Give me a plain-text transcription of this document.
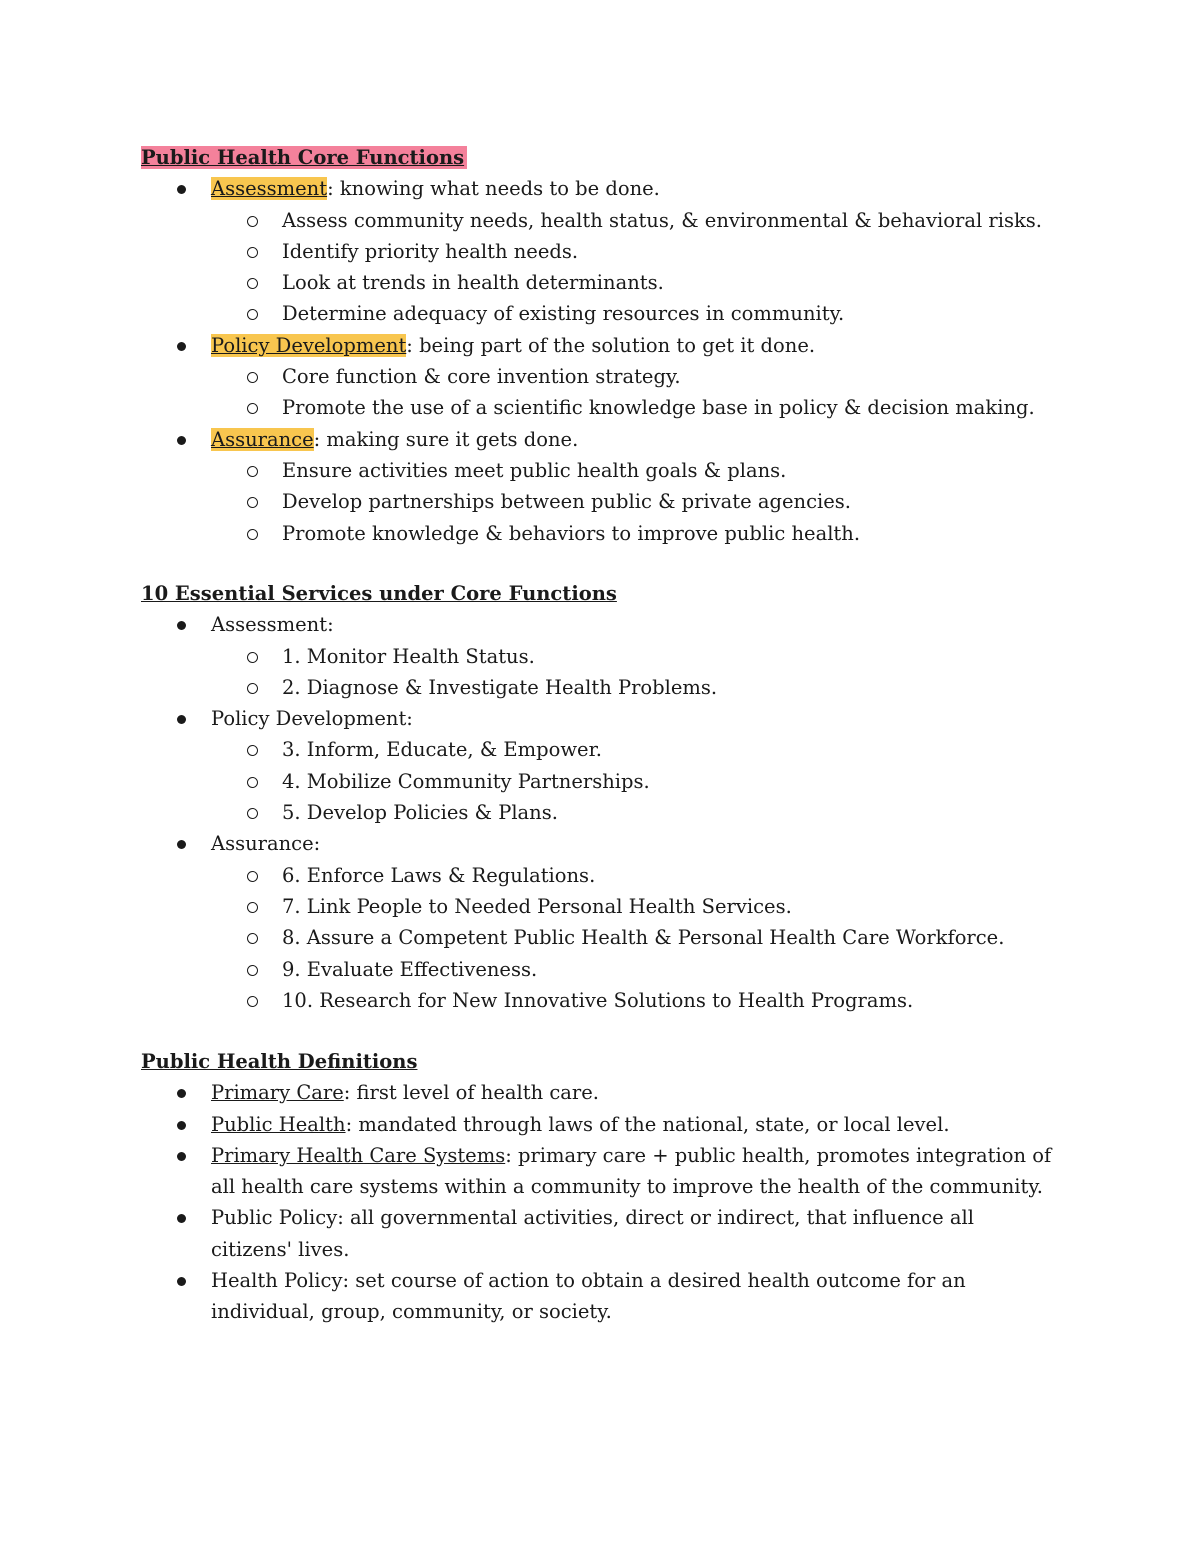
Public Health Core Functions

Assessment: knowing what needs to be done.
Assess community needs, health status, & environmental & behavioral risks.
Identify priority health needs.
Look at trends in health determinants.
Determine adequacy of existing resources in community.
Policy Development: being part of the solution to get it done.
Core function & core invention strategy.
Promote the use of a scientific knowledge base in policy & decision making.
Assurance: making sure it gets done.
Ensure activities meet public health goals & plans.
Develop partnerships between public & private agencies.
Promote knowledge & behaviors to improve public health.

10 Essential Services under Core Functions

Assessment:
1. Monitor Health Status.
2. Diagnose & Investigate Health Problems.
Policy Development:
3. Inform, Educate, & Empower.
4. Mobilize Community Partnerships.
5. Develop Policies & Plans.
Assurance:
6. Enforce Laws & Regulations.
7. Link People to Needed Personal Health Services.
8. Assure a Competent Public Health & Personal Health Care Workforce.
9. Evaluate Effectiveness.
10. Research for New Innovative Solutions to Health Programs.

Public Health Definitions

Primary Care: first level of health care.
Public Health: mandated through laws of the national, state, or local level.
Primary Health Care Systems: primary care + public health, promotes integration of all health care systems within a community to improve the health of the community.
Public Policy: all governmental activities, direct or indirect, that influence all citizens' lives.
Health Policy: set course of action to obtain a desired health outcome for an individual, group, community, or society.
